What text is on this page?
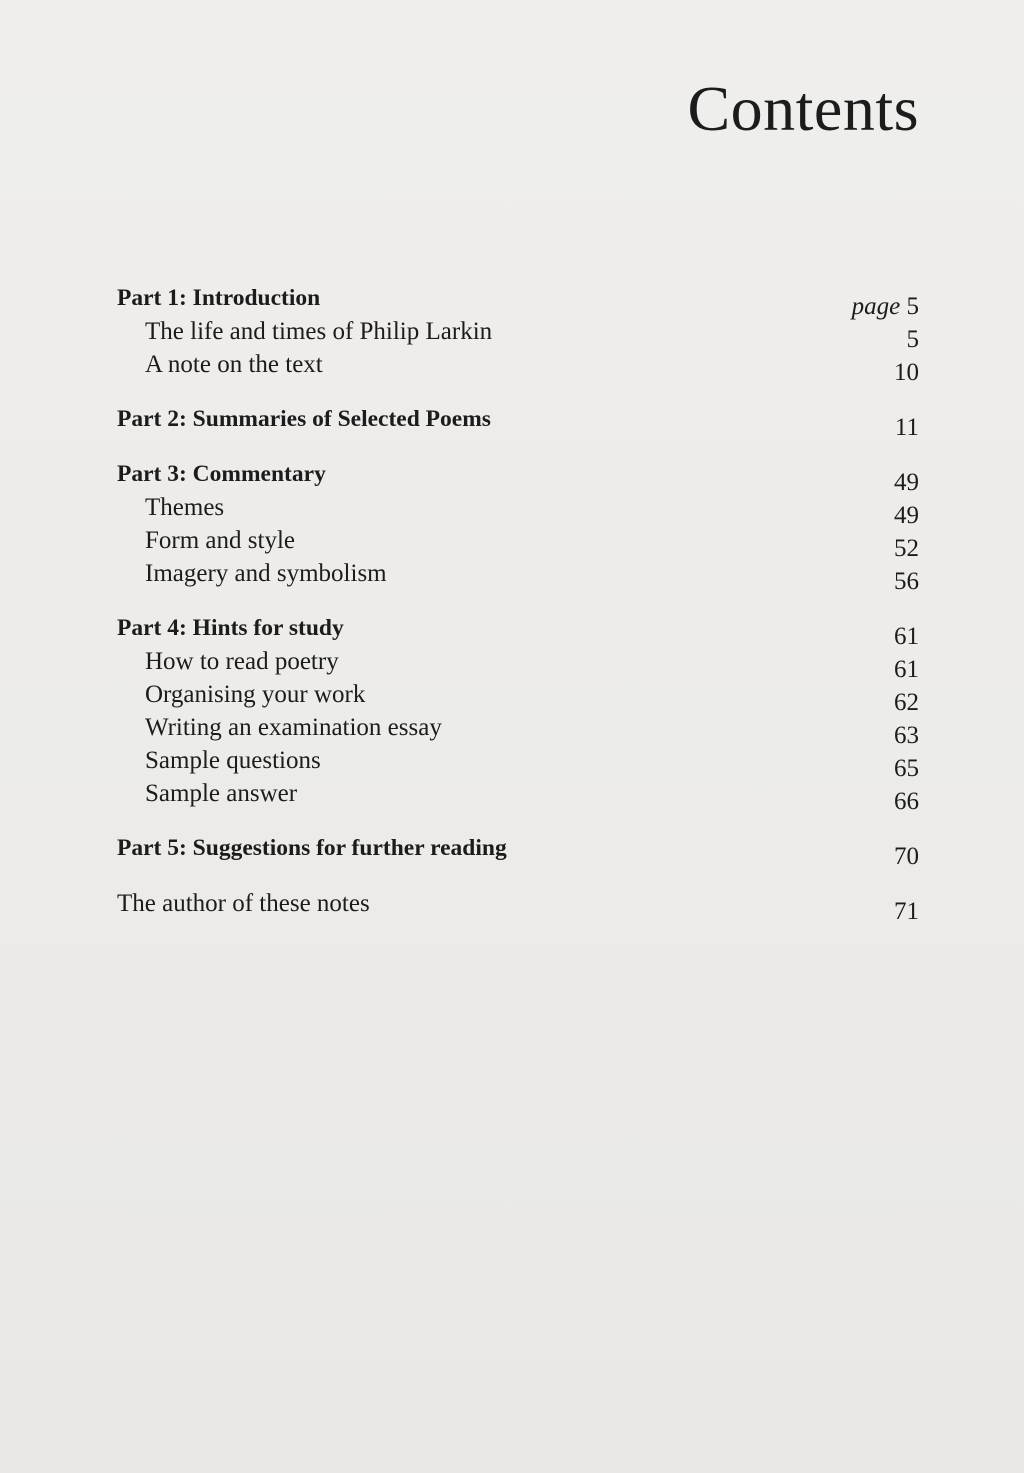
Contents
Part 1: Introduction	page 5
The life and times of Philip Larkin	5
A note on the text	10
Part 2: Summaries of Selected Poems	11
Part 3: Commentary	49
Themes	49
Form and style	52
Imagery and symbolism	56
Part 4: Hints for study	61
How to read poetry	61
Organising your work	62
Writing an examination essay	63
Sample questions	65
Sample answer	66
Part 5: Suggestions for further reading	70
The author of these notes	71
